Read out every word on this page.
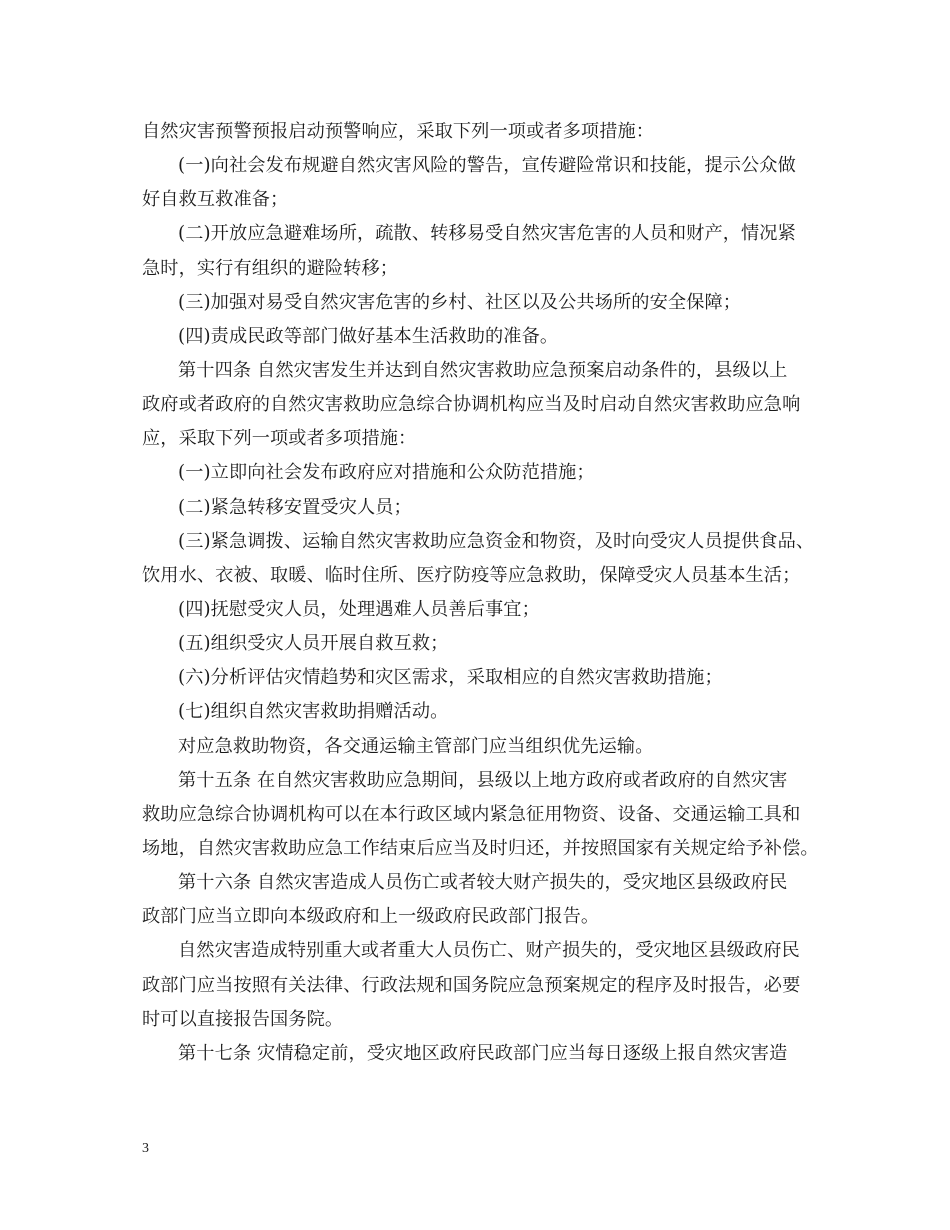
自然灾害预警预报启动预警响应，采取下列一项或者多项措施：
(一)向社会发布规避自然灾害风险的警告，宣传避险常识和技能，提示公众做
好自救互救准备；
(二)开放应急避难场所，疏散、转移易受自然灾害危害的人员和财产，情况紧
急时，实行有组织的避险转移；
(三)加强对易受自然灾害危害的乡村、社区以及公共场所的安全保障；
(四)责成民政等部门做好基本生活救助的准备。
第十四条 自然灾害发生并达到自然灾害救助应急预案启动条件的，县级以上
政府或者政府的自然灾害救助应急综合协调机构应当及时启动自然灾害救助应急响
应，采取下列一项或者多项措施：
(一)立即向社会发布政府应对措施和公众防范措施；
(二)紧急转移安置受灾人员；
(三)紧急调拨、运输自然灾害救助应急资金和物资，及时向受灾人员提供食品、
饮用水、衣被、取暖、临时住所、医疗防疫等应急救助，保障受灾人员基本生活；
(四)抚慰受灾人员，处理遇难人员善后事宜；
(五)组织受灾人员开展自救互救；
(六)分析评估灾情趋势和灾区需求，采取相应的自然灾害救助措施；
(七)组织自然灾害救助捐赠活动。
对应急救助物资，各交通运输主管部门应当组织优先运输。
第十五条 在自然灾害救助应急期间，县级以上地方政府或者政府的自然灾害
救助应急综合协调机构可以在本行政区域内紧急征用物资、设备、交通运输工具和
场地，自然灾害救助应急工作结束后应当及时归还，并按照国家有关规定给予补偿。
第十六条 自然灾害造成人员伤亡或者较大财产损失的，受灾地区县级政府民
政部门应当立即向本级政府和上一级政府民政部门报告。
自然灾害造成特别重大或者重大人员伤亡、财产损失的，受灾地区县级政府民
政部门应当按照有关法律、行政法规和国务院应急预案规定的程序及时报告，必要
时可以直接报告国务院。
第十七条 灾情稳定前，受灾地区政府民政部门应当每日逐级上报自然灾害造
3
